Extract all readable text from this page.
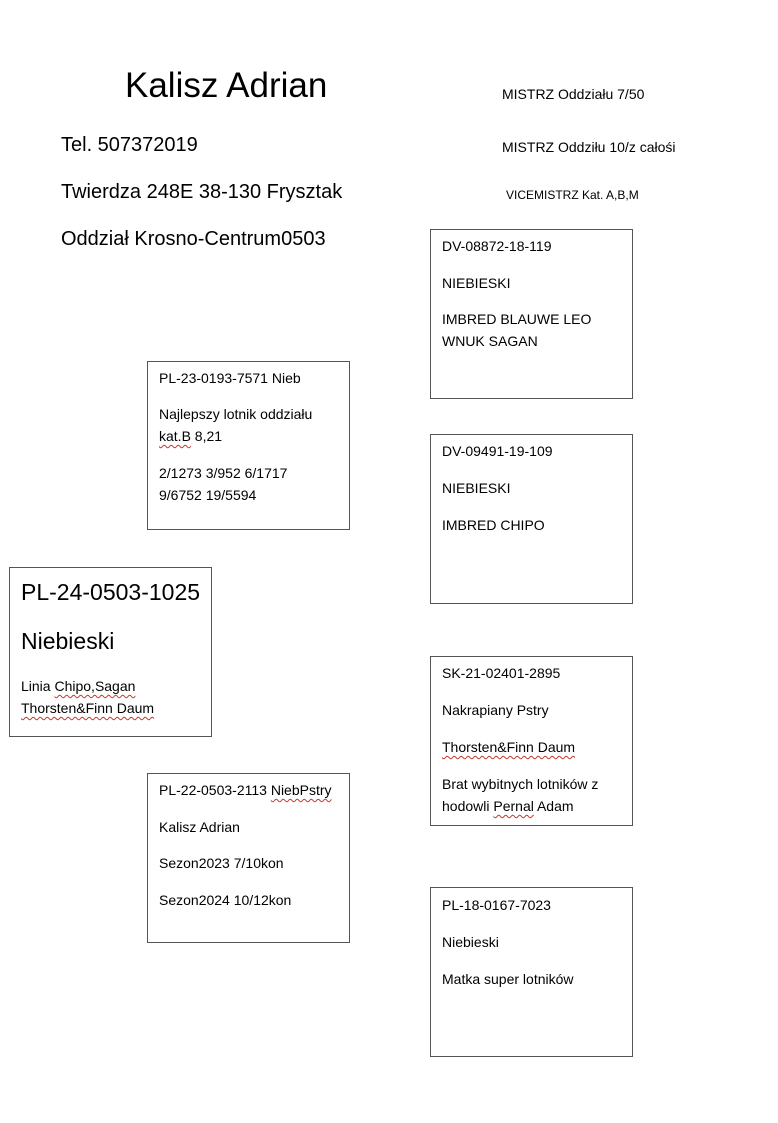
Kalisz Adrian
Tel. 507372019
Twierdza 248E 38-130 Frysztak
Oddział Krosno-Centrum0503
MISTRZ Oddziału 7/50
MISTRZ Oddziłu 10/z całośi
VICEMISTRZ Kat. A,B,M

PL-24-0503-1025

Niebieski

Linia Chipo,Sagan

Thorsten&Finn Daum

PL-23-0193-7571 Nieb

Najlepszy lotnik oddziału

kat.B 8,21

2/1273 3/952 6/1717

9/6752 19/5594

PL-22-0503-2113 NiebPstry

Kalisz Adrian

Sezon2023 7/10kon

Sezon2024 10/12kon

DV-08872-18-119

NIEBIESKI

IMBRED BLAUWE LEO

WNUK SAGAN

DV-09491-19-109

NIEBIESKI

IMBRED CHIPO

SK-21-02401-2895

Nakrapiany Pstry

Thorsten&Finn Daum

Brat wybitnych lotników z

hodowli Pernal Adam

PL-18-0167-7023

Niebieski

Matka super lotników
